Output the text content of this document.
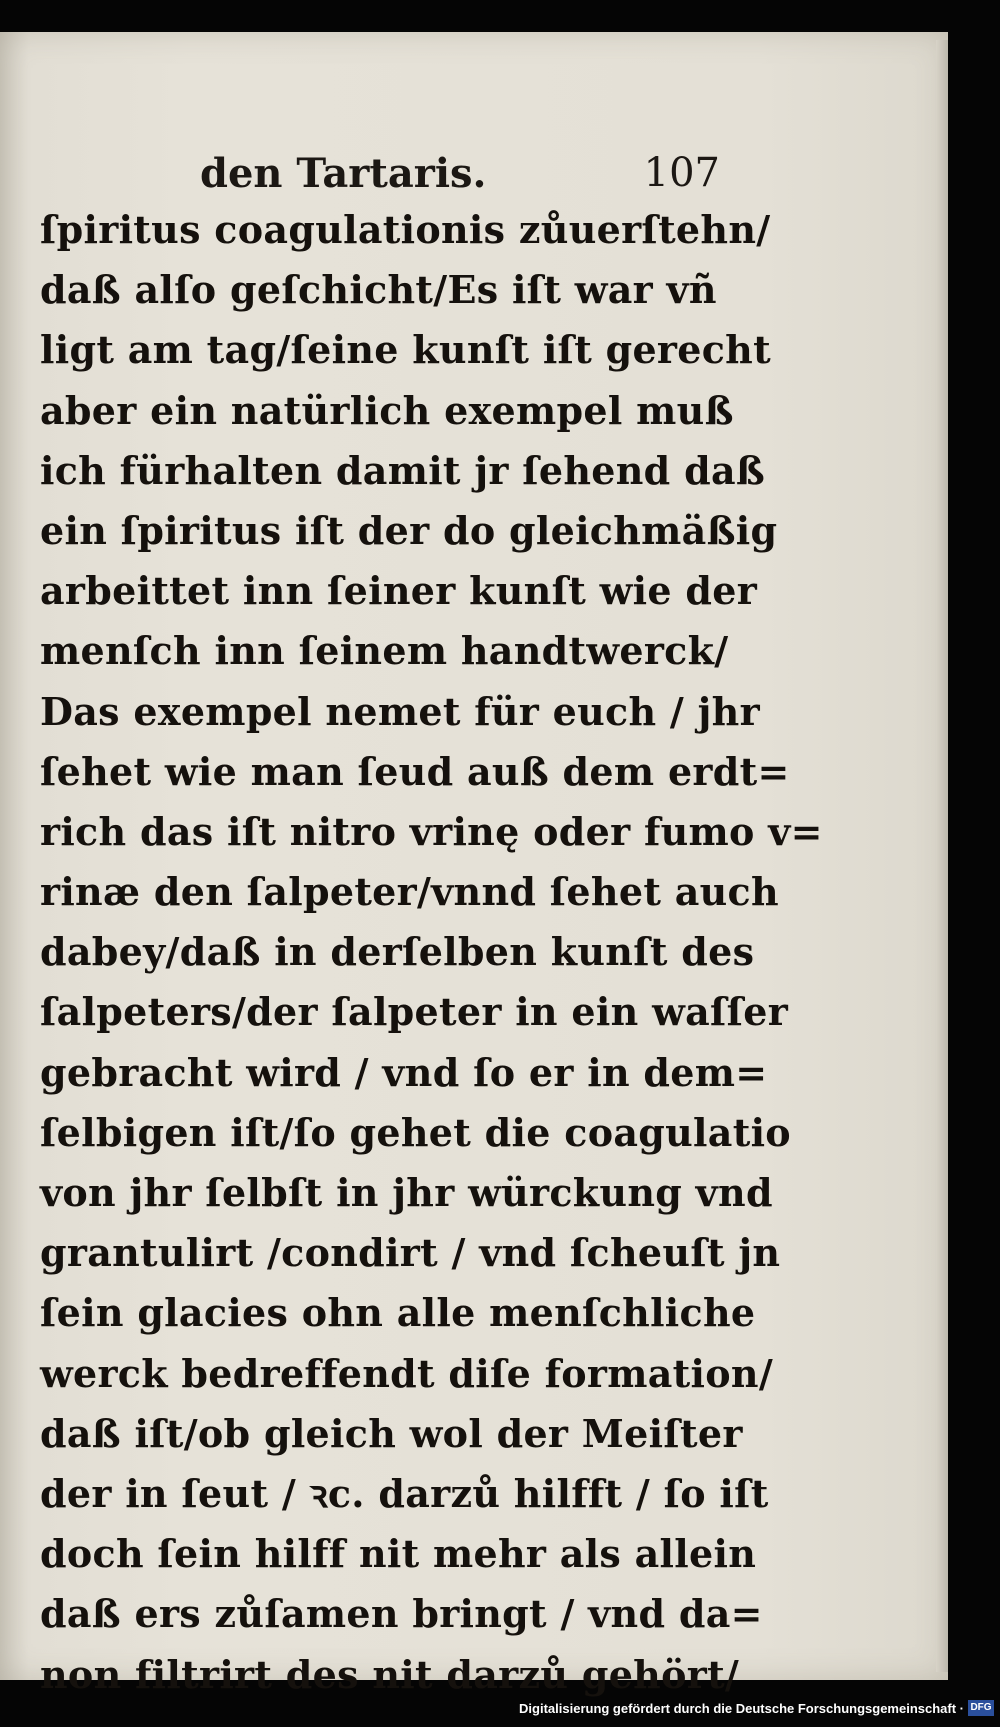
den Tartaris.	107
ſpiritus coagulationis zůuerſtehn/
daß alſo geſchicht/Es iſt war vñ
ligt am tag/ſeine kunſt iſt gerecht
aber ein natürlich exempel muß
ich fürhalten damit jr ſehend daß
ein ſpiritus iſt der do gleichmäßig
arbeittet inn ſeiner kunſt wie der
menſch inn ſeinem handtwerck/
Das exempel nemet für euch / jhr
ſehet wie man ſeud auß dem erdt=
rich das iſt nitro vrinę oder fumo v=
rinæ den ſalpeter/vnnd ſehet auch
dabey/daß in derſelben kunſt des
ſalpeters/der ſalpeter in ein waſſer
gebracht wird / vnd ſo er in dem=
ſelbigen iſt/ſo gehet die coagulatio
von jhr ſelbſt in jhr würckung vnd
grantulirt /condirt / vnd ſcheuſt jn
ſein glacies ohn alle menſchliche
werck bedreffendt diſe formation/
daß iſt/ob gleich wol der Meiſter
der in ſeut / ꝛc. darzů hilfft / ſo iſt
doch ſein hilff nit mehr als allein
daß ers zůſamen bringt / vnd da=
non filtrirt des nit darzů gehört/
Digitalisierung gefördert durch die Deutsche Forschungsgemeinschaft · DFG
